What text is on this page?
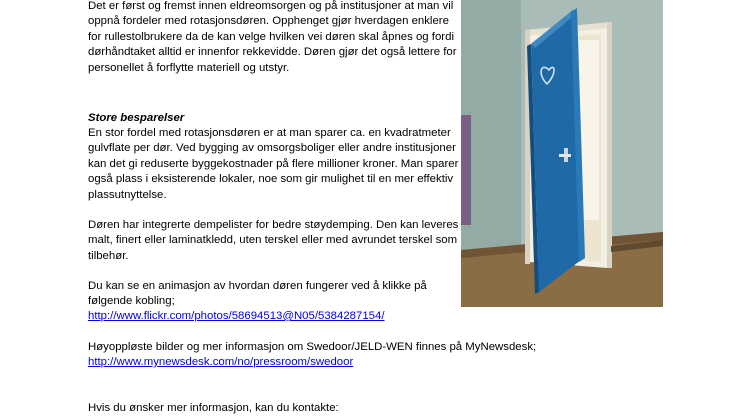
Det er først og fremst innen eldreomsorgen og på institusjoner at man vil oppnå fordeler med rotasjonsdøren. Opphenget gjør hverdagen enklere for rullestolbrukere da de kan velge hvilken vei døren skal åpnes og fordi dørhåndtaket alltid er innenfor rekkevidde. Døren gjør det også lettere for personellet å forflytte materiell og utstyr.

Store besparelser

En stor fordel med rotasjonsdøren er at man sparer ca. en kvadratmeter gulvflate per dør. Ved bygging av omsorgsboliger eller andre institusjoner kan det gi reduserte byggekostnader på flere millioner kroner. Man sparer også plass i eksisterende lokaler, noe som gir mulighet til en mer effektiv plassutnyttelse.

Døren har integrerte dempelister for bedre støydemping. Den kan leveres malt, finert eller laminatkledd, uten terskel eller med avrundet terskel som tilbehør.

Du kan se en animasjon av hvordan døren fungerer ved å klikke på følgende kobling;

http://www.flickr.com/photos/58694513@N05/5384287154/

Høyoppløste bilder og mer informasjon om Swedoor/JELD-WEN finnes på MyNewsdesk;

http://www.mynewsdesk.com/no/pressroom/swedoor

Hvis du ønsker mer informasjon, kan du kontakte:
